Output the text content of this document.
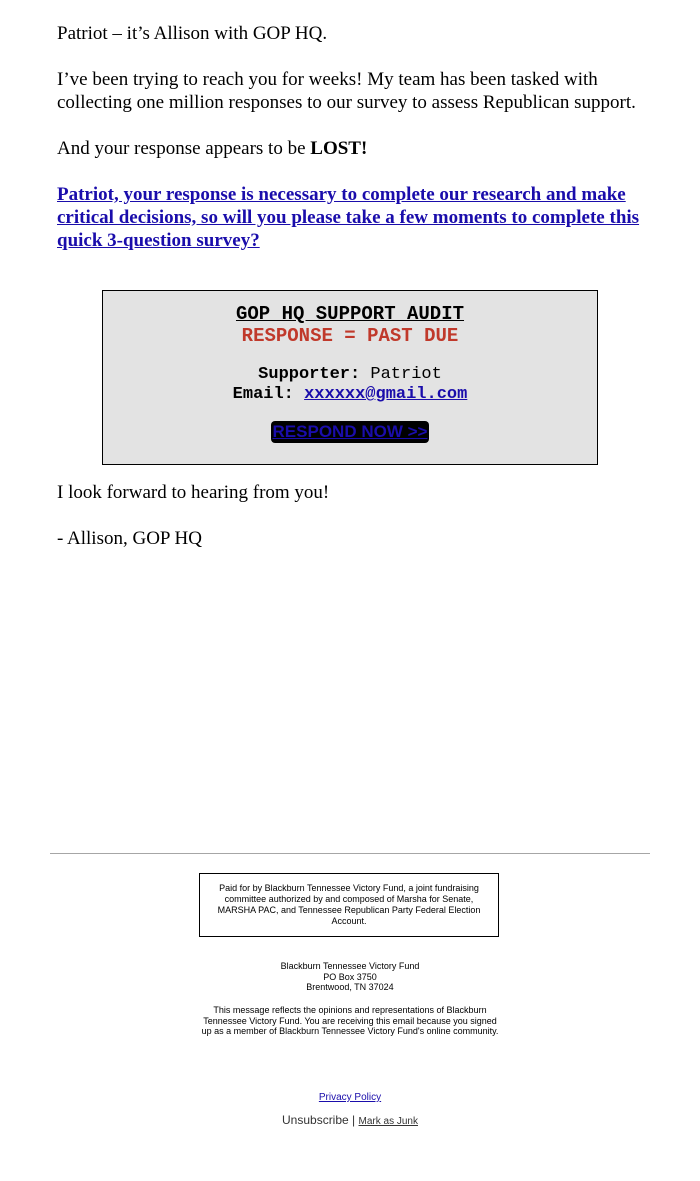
Patriot – it’s Allison with GOP HQ.

I’ve been trying to reach you for weeks! My team has been tasked with collecting one million responses to our survey to assess Republican support.

And your response appears to be LOST!

Patriot, your response is necessary to complete our research and make critical decisions, so will you please take a few moments to complete this quick 3-question survey?
GOP HQ SUPPORT AUDIT
RESPONSE = PAST DUE
Supporter: Patriot
Email: xxxxxx@gmail.com
RESPOND NOW >>

I look forward to hearing from you!

- Allison, GOP HQ

Paid for by Blackburn Tennessee Victory Fund, a joint fundraising committee authorized by and composed of Marsha for Senate, MARSHA PAC, and Tennessee Republican Party Federal Election Account.
Blackburn Tennessee Victory Fund
PO Box 3750
Brentwood, TN 37024
This message reflects the opinions and representations of Blackburn Tennessee Victory Fund. You are receiving this email because you signed up as a member of Blackburn Tennessee Victory Fund's online community.
Privacy Policy
Unsubscribe | Mark as Junk
